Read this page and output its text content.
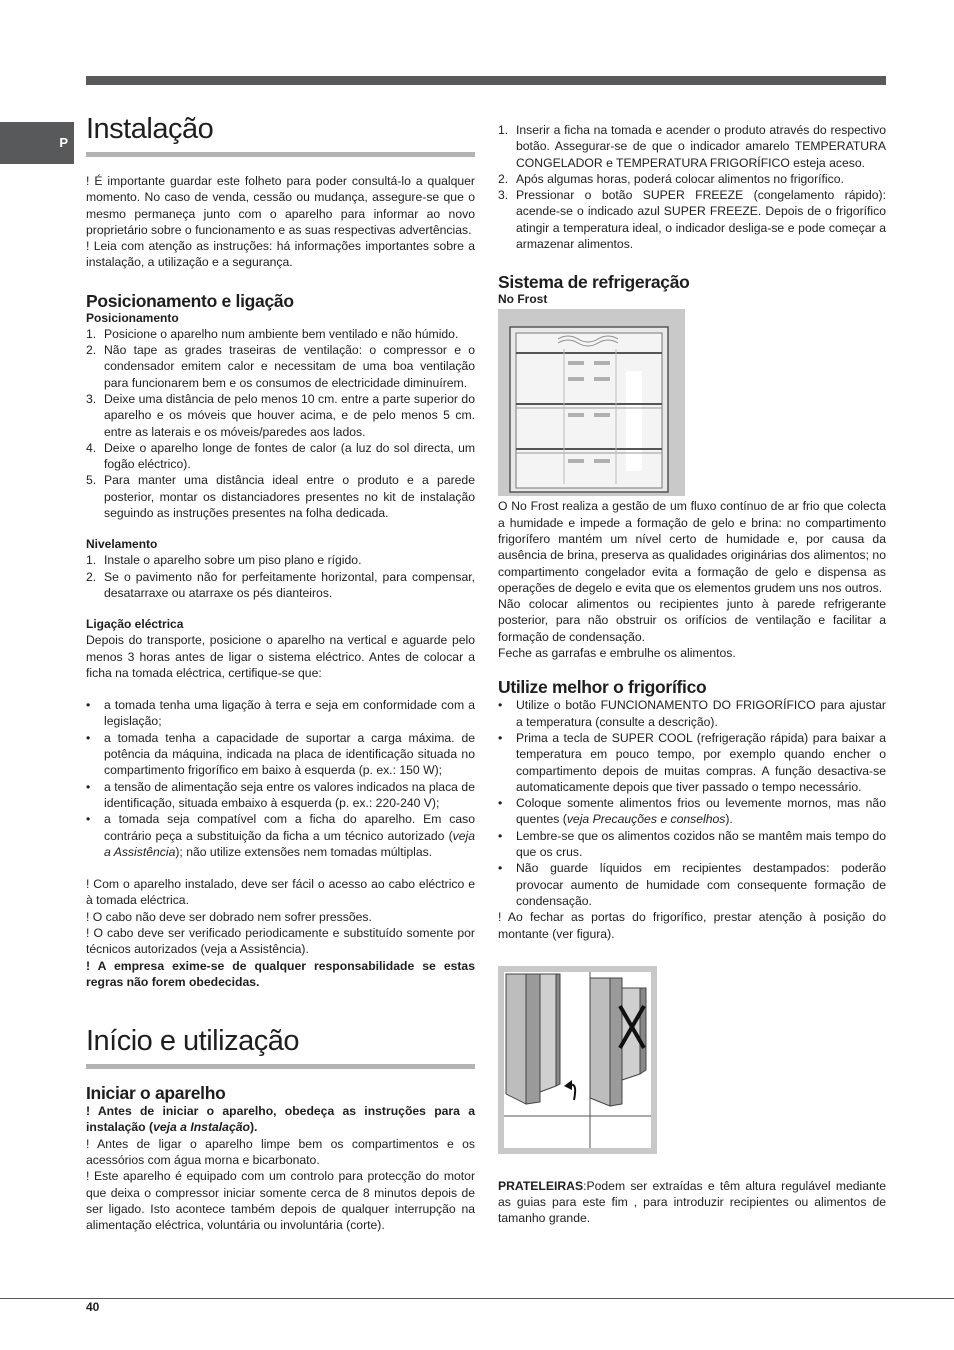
P Instalação

! É importante guardar este folheto para poder consultá-lo a qualquer momento. No caso de venda, cessão ou mudança, assegure-se que o mesmo permaneça junto com o aparelho para informar ao novo proprietário sobre o funcionamento e as suas respectivas advertências.

! Leia com atenção as instruções: há informações importantes sobre a instalação, a utilização e a segurança.

Posicionamento e ligação
Posicionamento
1. Posicione o aparelho num ambiente bem ventilado e não húmido.
2. Não tape as grades traseiras de ventilação: o compressor e o condensador emitem calor e necessitam de uma boa ventilação para funcionarem bem e os consumos de electricidade diminuírem.
3. Deixe uma distância de pelo menos 10 cm. entre a parte superior do aparelho e os móveis que houver acima, e de pelo menos 5 cm. entre as laterais e os móveis/paredes aos lados.
4. Deixe o aparelho longe de fontes de calor (a luz do sol directa, um fogão eléctrico).
5. Para manter uma distância ideal entre o produto e a parede posterior, montar os distanciadores presentes no kit de instalação seguindo as instruções presentes na folha dedicada.
Nivelamento
1. Instale o aparelho sobre um piso plano e rígido.
2. Se o pavimento não for perfeitamente horizontal, para compensar, desatarraxe ou atarraxe os pés dianteiros.
Ligação eléctrica

Depois do transporte, posicione o aparelho na vertical e aguarde pelo menos 3 horas antes de ligar o sistema eléctrico. Antes de colocar a ficha na tomada eléctrica, certifique-se que:

• a tomada tenha uma ligação à terra e seja em conformidade com a legislação;
• a tomada tenha a capacidade de suportar a carga máxima. de potência da máquina, indicada na placa de identificação situada no compartimento frigorífico em baixo à esquerda (p. ex.: 150 W);
• a tensão de alimentação seja entre os valores indicados na placa de identificação, situada embaixo à esquerda (p. ex.: 220-240 V);
• a tomada seja compatível com a ficha do aparelho. Em caso contrário peça a substituição da ficha a um técnico autorizado (veja a Assistência); não utilize extensões nem tomadas múltiplas.

! Com o aparelho instalado, deve ser fácil o acesso ao cabo eléctrico e à tomada eléctrica.

! O cabo não deve ser dobrado nem sofrer pressões.

! O cabo deve ser verificado periodicamente e substituído somente por técnicos autorizados (veja a Assistência).

! A empresa exime-se de qualquer responsabilidade se estas regras não forem obedecidas.

Início e utilização
Iniciar o aparelho

! Antes de iniciar o aparelho, obedeça as instruções para a instalação (veja a Instalação).

! Antes de ligar o aparelho limpe bem os compartimentos e os acessórios com água morna e bicarbonato.

! Este aparelho é equipado com um controlo para protecção do motor que deixa o compressor iniciar somente cerca de 8 minutos depois de ser ligado. Isto acontece também depois de qualquer interrupção na alimentação eléctrica, voluntária ou involuntária (corte).

1. Inserir a ficha na tomada e acender o produto através do respectivo botão. Assegurar-se de que o indicador amarelo TEMPERATURA CONGELADOR e TEMPERATURA FRIGORÍFICO esteja aceso.
2. Após algumas horas, poderá colocar alimentos no frigorífico.
3. Pressionar o botão SUPER FREEZE (congelamento rápido): acende-se o indicado azul SUPER FREEZE. Depois de o frigorífico atingir a temperatura ideal, o indicador desliga-se e pode começar a armazenar alimentos.
Sistema de refrigeração
No Frost

O No Frost realiza a gestão de um fluxo contínuo de ar frio que colecta a humidade e impede a formação de gelo e brina: no compartimento frigorífero mantém um nível certo de humidade e, por causa da ausência de brina, preserva as qualidades originárias dos alimentos; no compartimento congelador evita a formação de gelo e dispensa as operações de degelo e evita que os elementos grudem uns nos outros.

Não colocar alimentos ou recipientes junto à parede refrigerante posterior, para não obstruir os orifícios de ventilação e facilitar a formação de condensação.

Feche as garrafas e embrulhe os alimentos.

Utilize melhor o frigorífico
• Utilize o botão FUNCIONAMENTO DO FRIGORÍFICO para ajustar a temperatura (consulte a descrição).
• Prima a tecla de SUPER COOL (refrigeração rápida) para baixar a temperatura em pouco tempo, por exemplo quando encher o compartimento depois de muitas compras. A função desactiva-se automaticamente depois que tiver passado o tempo necessário.
• Coloque somente alimentos frios ou levemente mornos, mas não quentes (veja Precauções e conselhos).
• Lembre-se que os alimentos cozidos não se mantêm mais tempo do que os crus.
• Não guarde líquidos em recipientes destampados: poderão provocar aumento de humidade com consequente formação de condensação.

! Ao fechar as portas do frigorífico, prestar atenção à posição do montante (ver figura).

PRATELEIRAS:Podem ser extraídas e têm altura regulável mediante as guias para este fim , para introduzir recipientes ou alimentos de tamanho grande.

40
